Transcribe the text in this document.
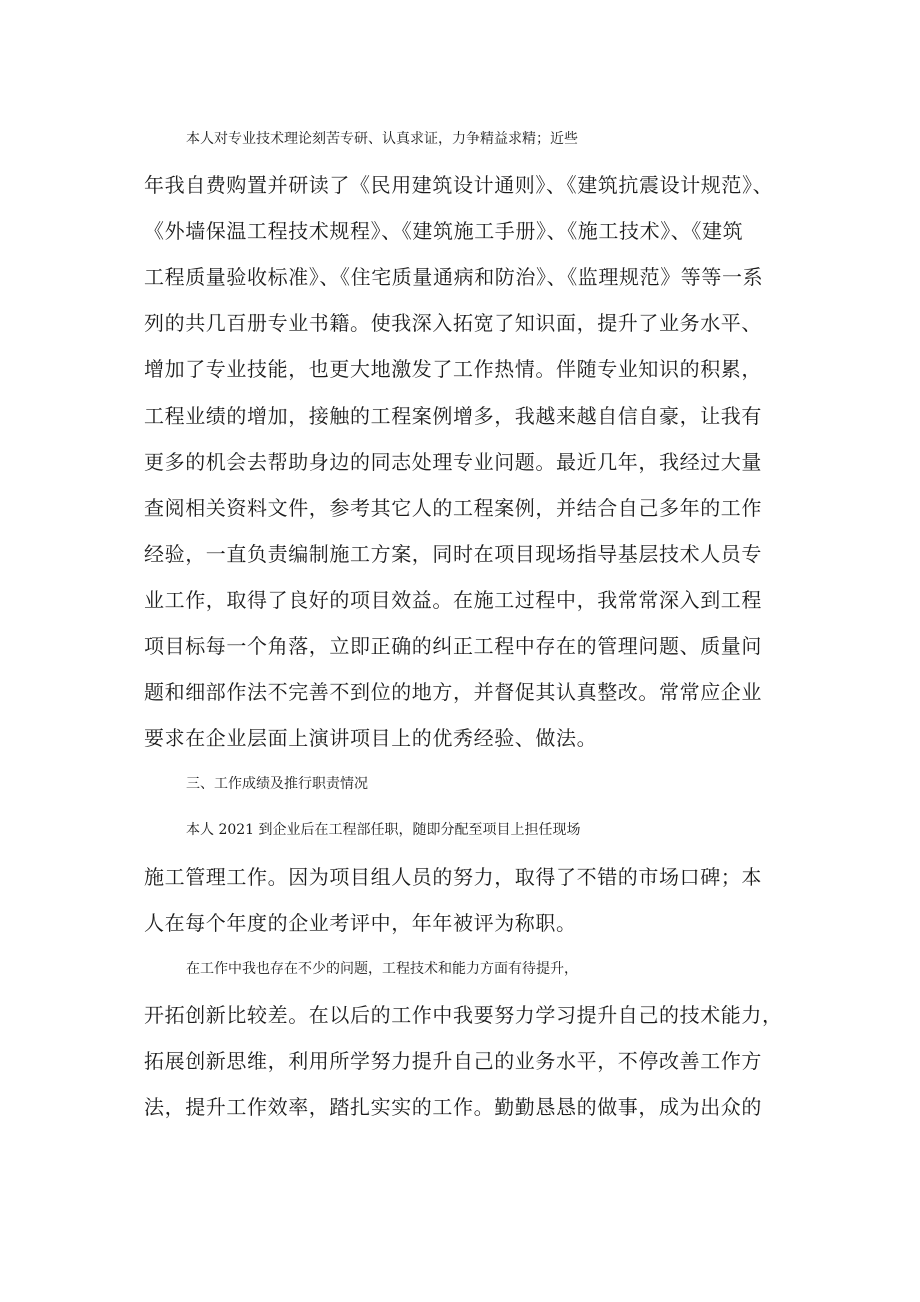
本人对专业技术理论刻苦专研、认真求证，力争精益求精；近些
年我自费购置并研读了《民用建筑设计通则》、《建筑抗震设计规范》、
《外墙保温工程技术规程》、《建筑施工手册》、《施工技术》、《建筑
工程质量验收标准》、《住宅质量通病和防治》、《监理规范》等等一系
列的共几百册专业书籍。使我深入拓宽了知识面，提升了业务水平、
增加了专业技能，也更大地激发了工作热情。伴随专业知识的积累，
工程业绩的增加，接触的工程案例增多，我越来越自信自豪，让我有
更多的机会去帮助身边的同志处理专业问题。最近几年，我经过大量
查阅相关资料文件，参考其它人的工程案例，并结合自己多年的工作
经验，一直负责编制施工方案，同时在项目现场指导基层技术人员专
业工作，取得了良好的项目效益。在施工过程中，我常常深入到工程
项目标每一个角落，立即正确的纠正工程中存在的管理问题、质量问
题和细部作法不完善不到位的地方，并督促其认真整改。常常应企业
要求在企业层面上演讲项目上的优秀经验、做法。
三、工作成绩及推行职责情况
本人 2021 到企业后在工程部任职，随即分配至项目上担任现场
施工管理工作。因为项目组人员的努力，取得了不错的市场口碑；本
人在每个年度的企业考评中，年年被评为称职。
在工作中我也存在不少的问题，工程技术和能力方面有待提升，
开拓创新比较差。在以后的工作中我要努力学习提升自己的技术能力，
拓展创新思维，利用所学努力提升自己的业务水平，不停改善工作方
法，提升工作效率，踏扎实实的工作。勤勤恳恳的做事，成为出众的
